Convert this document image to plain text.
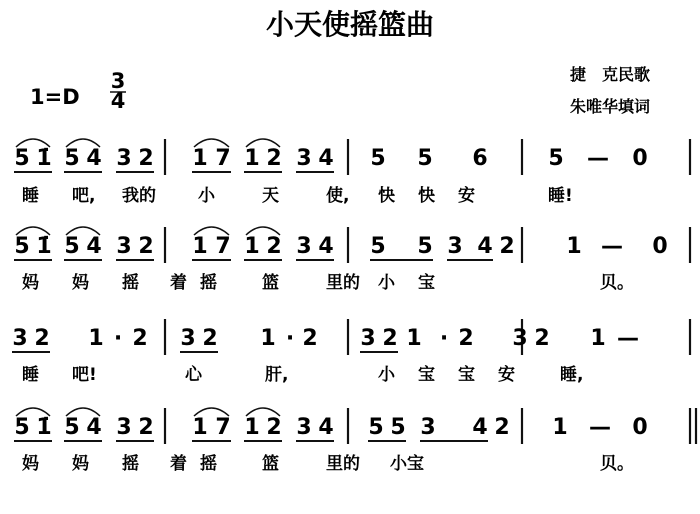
小天使摇篮曲
1=D
3
4
捷　克民歌
朱唯华填词
5 1̇ 5 4 3 2 1 7 1 2 3 4 5 5 6	5 — 0
睡 吧, 我的 小	天	使, 快 快 安	睡!
5 1̇ 5 4 3 2 1 7 1 2 3 4 5 5 3 4 2 1 — 0
妈 妈 摇 着 摇	篮	里的 小 宝	贝。
3 2 1 · 2 3 2 1 · 2 3 2 1 · 2 3 2 1 —
睡 吧!	心	肝,	小 宝 宝 安	睡,
5 1̇ 5 4 3 2 1 7 1 2 3 4 5 5 3 4 2 1 — 0
妈 妈 摇 着 摇	篮	里的 小宝	贝。
